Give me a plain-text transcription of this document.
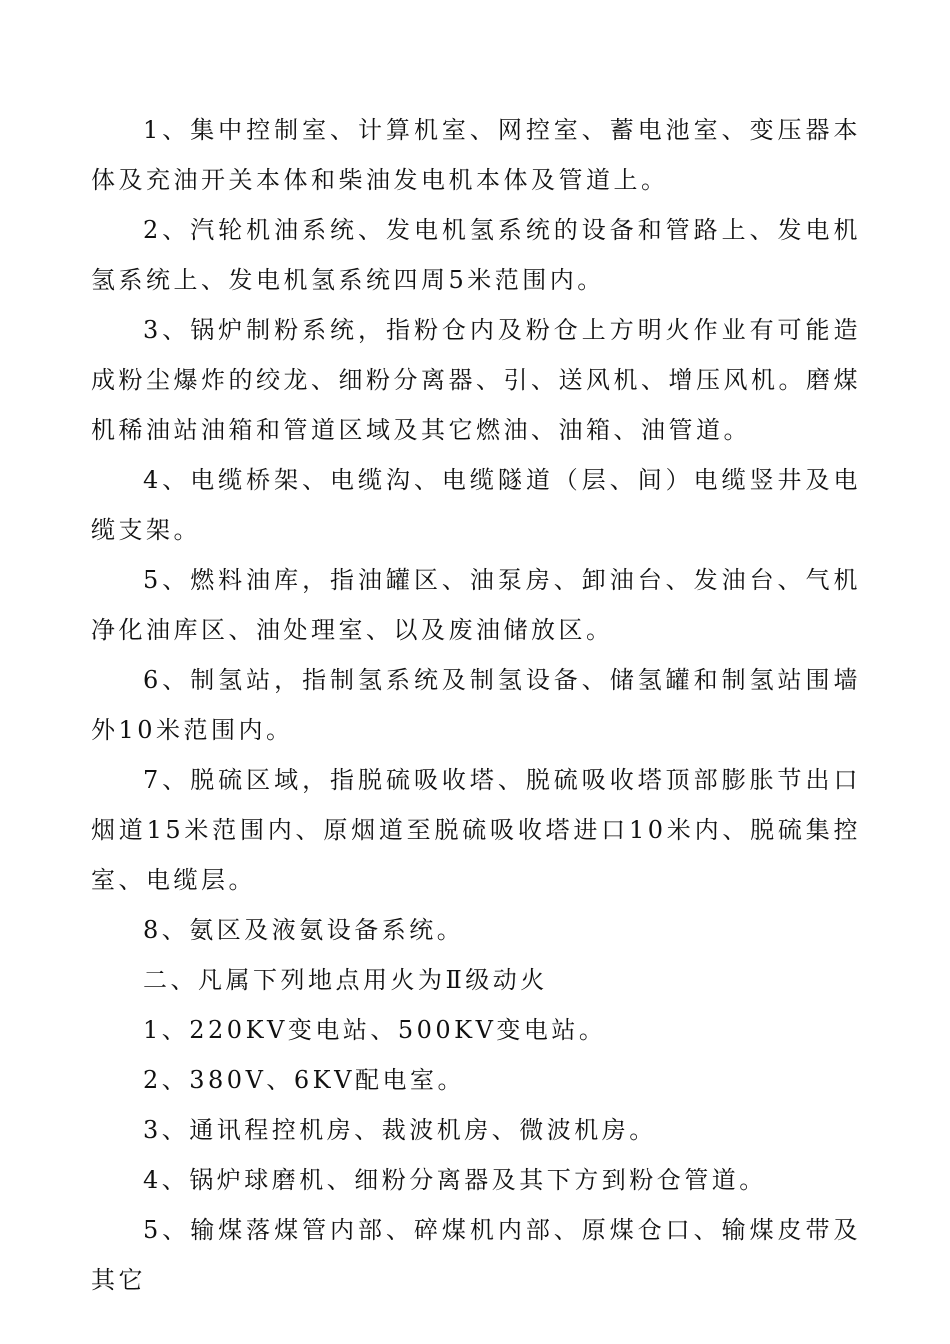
1、集中控制室、计算机室、网控室、蓄电池室、变压器本体及充油开关本体和柴油发电机本体及管道上。

2、汽轮机油系统、发电机氢系统的设备和管路上、发电机氢系统上、发电机氢系统四周5米范围内。

3、锅炉制粉系统，指粉仓内及粉仓上方明火作业有可能造成粉尘爆炸的绞龙、细粉分离器、引、送风机、增压风机。磨煤机稀油站油箱和管道区域及其它燃油、油箱、油管道。

4、电缆桥架、电缆沟、电缆隧道（层、间）电缆竖井及电缆支架。

5、燃料油库，指油罐区、油泵房、卸油台、发油台、气机净化油库区、油处理室、以及废油储放区。

6、制氢站，指制氢系统及制氢设备、储氢罐和制氢站围墙外10米范围内。

7、脱硫区域，指脱硫吸收塔、脱硫吸收塔顶部膨胀节出口烟道15米范围内、原烟道至脱硫吸收塔进口10米内、脱硫集控室、电缆层。

8、氨区及液氨设备系统。

二、凡属下列地点用火为Ⅱ级动火

1、220KV变电站、500KV变电站。

2、380V、6KV配电室。

3、通讯程控机房、裁波机房、微波机房。

4、锅炉球磨机、细粉分离器及其下方到粉仓管道。

5、输煤落煤管内部、碎煤机内部、原煤仓口、输煤皮带及其它
